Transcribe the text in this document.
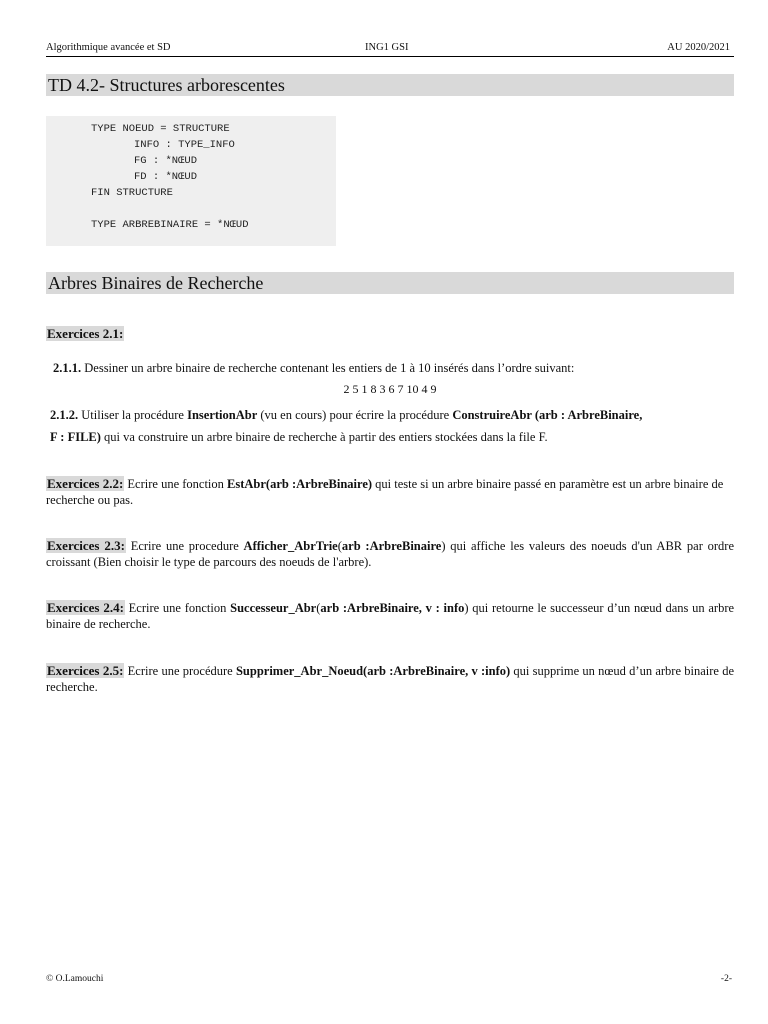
Algorithmique avancée et SD	ING1 GSI	AU 2020/2021
TD 4.2- Structures arborescentes
TYPE NOEUD = STRUCTURE
INFO : TYPE_INFO
FG : *NŒUD
FD : *NŒUD
FIN STRUCTURE
TYPE ARBREBINAIRE = *NŒUD
Arbres Binaires de Recherche
Exercices 2.1:
2.1.1. Dessiner un arbre binaire de recherche contenant les entiers de 1 à 10 insérés dans l’ordre suivant:
2 5 1 8 3 6 7 10 4 9
2.1.2. Utiliser la procédure InsertionAbr (vu en cours) pour écrire la procédure ConstruireAbr (arb : ArbreBinaire,
F : FILE) qui va construire un arbre binaire de recherche à partir des entiers stockées dans la file F.
Exercices 2.2: Ecrire une fonction EstAbr(arb :ArbreBinaire) qui teste si un arbre binaire passé en paramètre est un arbre binaire de recherche ou pas.
Exercices 2.3: Ecrire une procedure Afficher_AbrTrie(arb :ArbreBinaire) qui affiche les valeurs des noeuds d'un ABR par ordre croissant (Bien choisir le type de parcours des noeuds de l'arbre).
Exercices 2.4: Ecrire une fonction Successeur_Abr(arb :ArbreBinaire, v : info) qui retourne le successeur d’un nœud dans un arbre binaire de recherche.
Exercices 2.5: Ecrire une procédure Supprimer_Abr_Noeud(arb :ArbreBinaire, v :info) qui supprime un nœud d’un arbre binaire de recherche.
© O.Lamouchi	-2-
